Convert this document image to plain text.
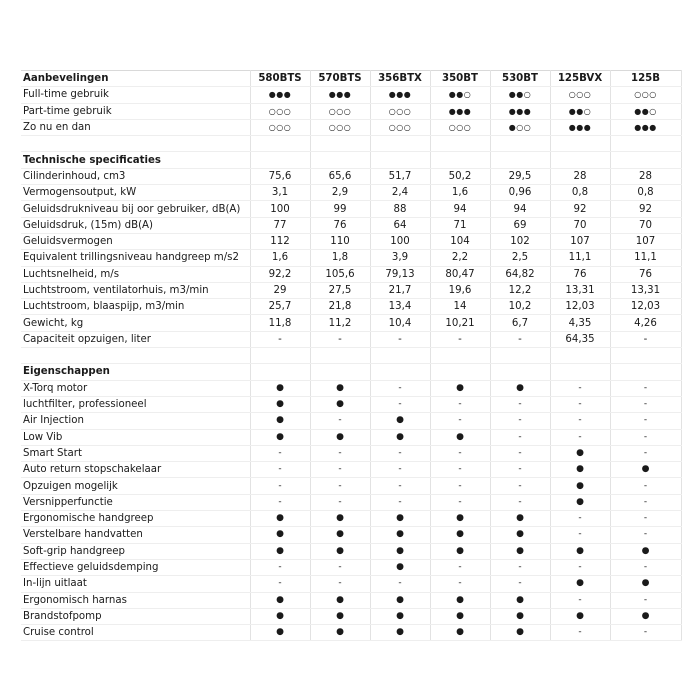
Aanbevelingen	580BTS	570BTS	356BTX	350BT	530BT	125BVX	125B
Full-time gebruik	●●●	●●●	●●●	●●○	●●○	○○○	○○○
Part-time gebruik	○○○	○○○	○○○	●●●	●●●	●●○	●●○
Zo nu en dan	○○○	○○○	○○○	○○○	●○○	●●●	●●●

Technische specificaties							
Cilinderinhoud, cm3	75,6	65,6	51,7	50,2	29,5	28	28
Vermogensoutput, kW	3,1	2,9	2,4	1,6	0,96	0,8	0,8
Geluidsdrukniveau bij oor gebruiker, dB(A)	100	99	88	94	94	92	92
Geluidsdruk, (15m) dB(A)	77	76	64	71	69	70	70
Geluidsvermogen	112	110	100	104	102	107	107
Equivalent trillingsniveau handgreep m/s2	1,6	1,8	3,9	2,2	2,5	11,1	11,1
Luchtsnelheid, m/s	92,2	105,6	79,13	80,47	64,82	76	76
Luchtstroom, ventilatorhuis, m3/min	29	27,5	21,7	19,6	12,2	13,31	13,31
Luchtstroom, blaaspijp, m3/min	25,7	21,8	13,4	14	10,2	12,03	12,03
Gewicht, kg	11,8	11,2	10,4	10,21	6,7	4,35	4,26
Capaciteit opzuigen, liter	-	-	-	-	-	64,35	-

Eigenschappen							
X-Torq motor	●	●	-	●	●	-	-
luchtfilter, professioneel	●	●	-	-	-	-	-
Air Injection	●	-	●	-	-	-	-
Low Vib	●	●	●	●	-	-	-
Smart Start	-	-	-	-	-	●	-
Auto return stopschakelaar	-	-	-	-	-	●	●
Opzuigen mogelijk	-	-	-	-	-	●	-
Versnipperfunctie	-	-	-	-	-	●	-
Ergonomische handgreep	●	●	●	●	●	-	-
Verstelbare handvatten	●	●	●	●	●	-	-
Soft-grip handgreep	●	●	●	●	●	●	●
Effectieve geluidsdemping	-	-	●	-	-	-	-
In-lijn uitlaat	-	-	-	-	-	●	●
Ergonomisch harnas	●	●	●	●	●	-	-
Brandstofpomp	●	●	●	●	●	●	●
Cruise control	●	●	●	●	●	-	-
